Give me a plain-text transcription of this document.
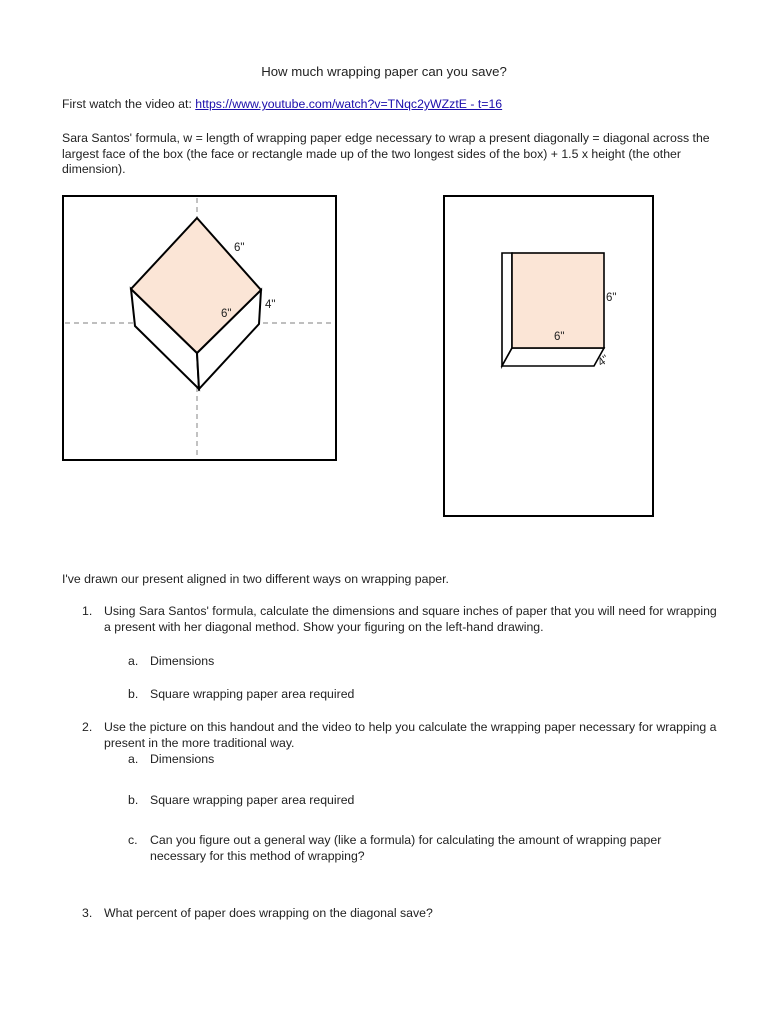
How much wrapping paper can you save?
First watch the video at: https://www.youtube.com/watch?v=TNqc2yWZztE - t=16
Sara Santos' formula, w = length of wrapping paper edge necessary to wrap a present diagonally = diagonal across the largest face of the box (the face or rectangle made up of the two longest sides of the box) + 1.5 x height (the other dimension).
6"
6"
4"
6"
6"
4"
I've drawn our present aligned in two different ways on wrapping paper.
1. Using Sara Santos' formula, calculate the dimensions and square inches of paper that you will need for wrapping a present with her diagonal method. Show your figuring on the left-hand drawing.
a. Dimensions
b. Square wrapping paper area required
2. Use the picture on this handout and the video to help you calculate the wrapping paper necessary for wrapping a present in the more traditional way.
a. Dimensions
b. Square wrapping paper area required
c. Can you figure out a general way (like a formula) for calculating the amount of wrapping paper necessary for this method of wrapping?
3. What percent of paper does wrapping on the diagonal save?
